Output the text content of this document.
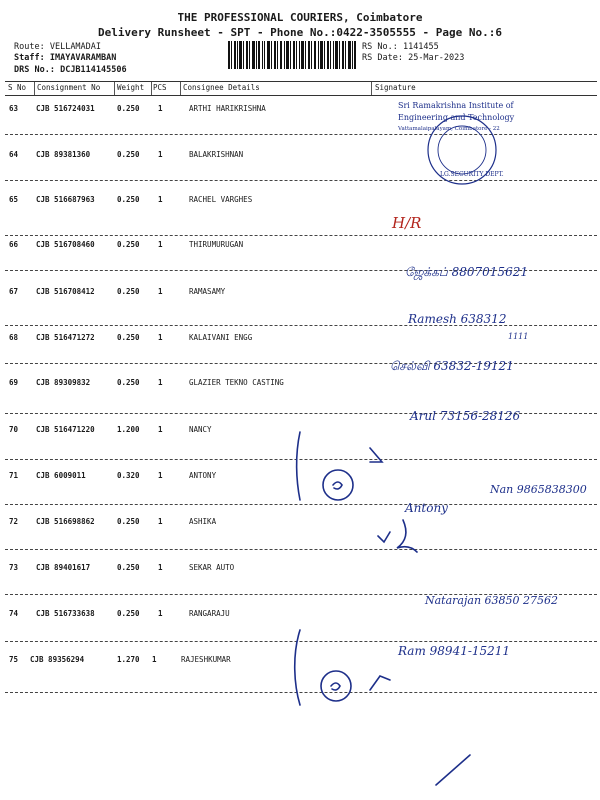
THE PROFESSIONAL COURIERS, Coimbatore
Delivery Runsheet - SPT - Phone No.:0422-3505555 - Page No.:6
Route: VELLAMADAI
Staff: IMAYAVARAMBAN
DRS No.: DCJB114145506
RS No.: 1141455
RS Date: 25-Mar-2023
S No Consignment No Weight PCS Consignee Details	Signature
63 CJB 516724031	0.250 1	ARTHI HARIKRISHNA
64 CJB 89381360	0.250 1	BALAKRISHNAN
65 CJB 516687963	0.250 1	RACHEL VARGHES
66 CJB 516708460	0.250 1	THIRUMURUGAN
67 CJB 516708412	0.250 1	RAMASAMY
68 CJB 516471272	0.250 1	KALAIVANI ENGG
69 CJB 89309832	0.250 1	GLAZIER TEKNO CASTING
70 CJB 516471220	1.200 1	NANCY
71 CJB 6009011	0.320 1	ANTONY
72 CJB 516698862	0.250 1	ASHIKA
73 CJB 89401617	0.250 1	SEKAR AUTO
74 CJB 516733638	0.250 1	RANGARAJU
75 CJB 89356294	1.270 1	RAJESHKUMAR
Sri Ramakrishna Institute of
Engineering and Technology
Vattamalaipalayam, Coimbatore - 22
LG.SECURITY DEPT.
H/R
ஜேக்கப் 8807015621
Ramesh 638312
1111
செல்வி 63832-19121
Arul 73156-28126
Nan 9865838300
Antony
Natarajan 63850 27562
Ram 98941-15211
